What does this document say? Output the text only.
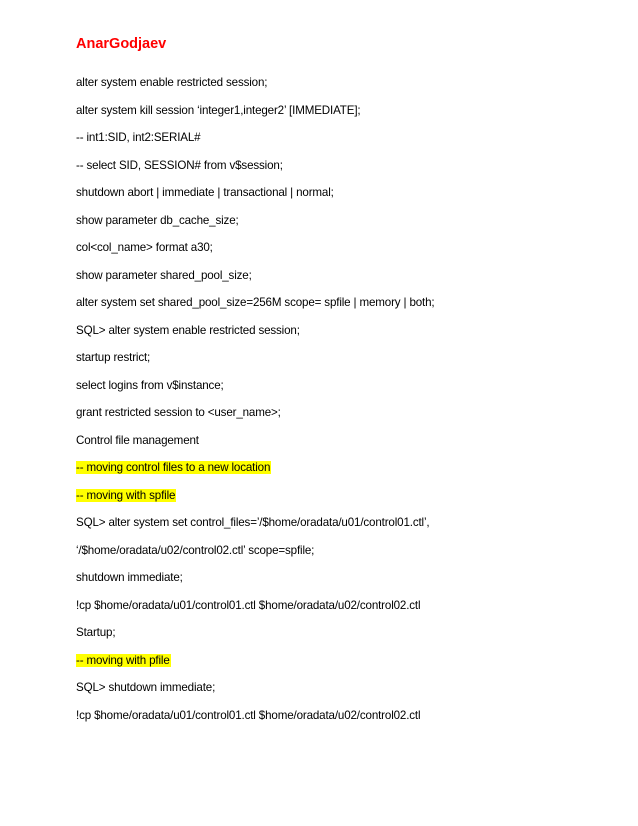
AnarGodjaev
alter system enable restricted session;
alter system kill session ‘integer1,integer2’ [IMMEDIATE];
-- int1:SID, int2:SERIAL#
-- select SID, SESSION# from v$session;
shutdown abort | immediate | transactional | normal;
show parameter db_cache_size;
col<col_name> format a30;
show parameter shared_pool_size;
alter system set shared_pool_size=256M scope= spfile | memory | both;
SQL> alter system enable restricted session;
startup restrict;
select logins from v$instance;
grant restricted session to <user_name>;
Control file management
-- moving control files to a new location
-- moving with spfile
SQL> alter system set control_files=’/$home/oradata/u01/control01.ctl’,
‘/$home/oradata/u02/control02.ctl’ scope=spfile;
shutdown immediate;
!cp $home/oradata/u01/control01.ctl $home/oradata/u02/control02.ctl
Startup;
-- moving with pfile
SQL> shutdown immediate;
!cp $home/oradata/u01/control01.ctl $home/oradata/u02/control02.ctl
